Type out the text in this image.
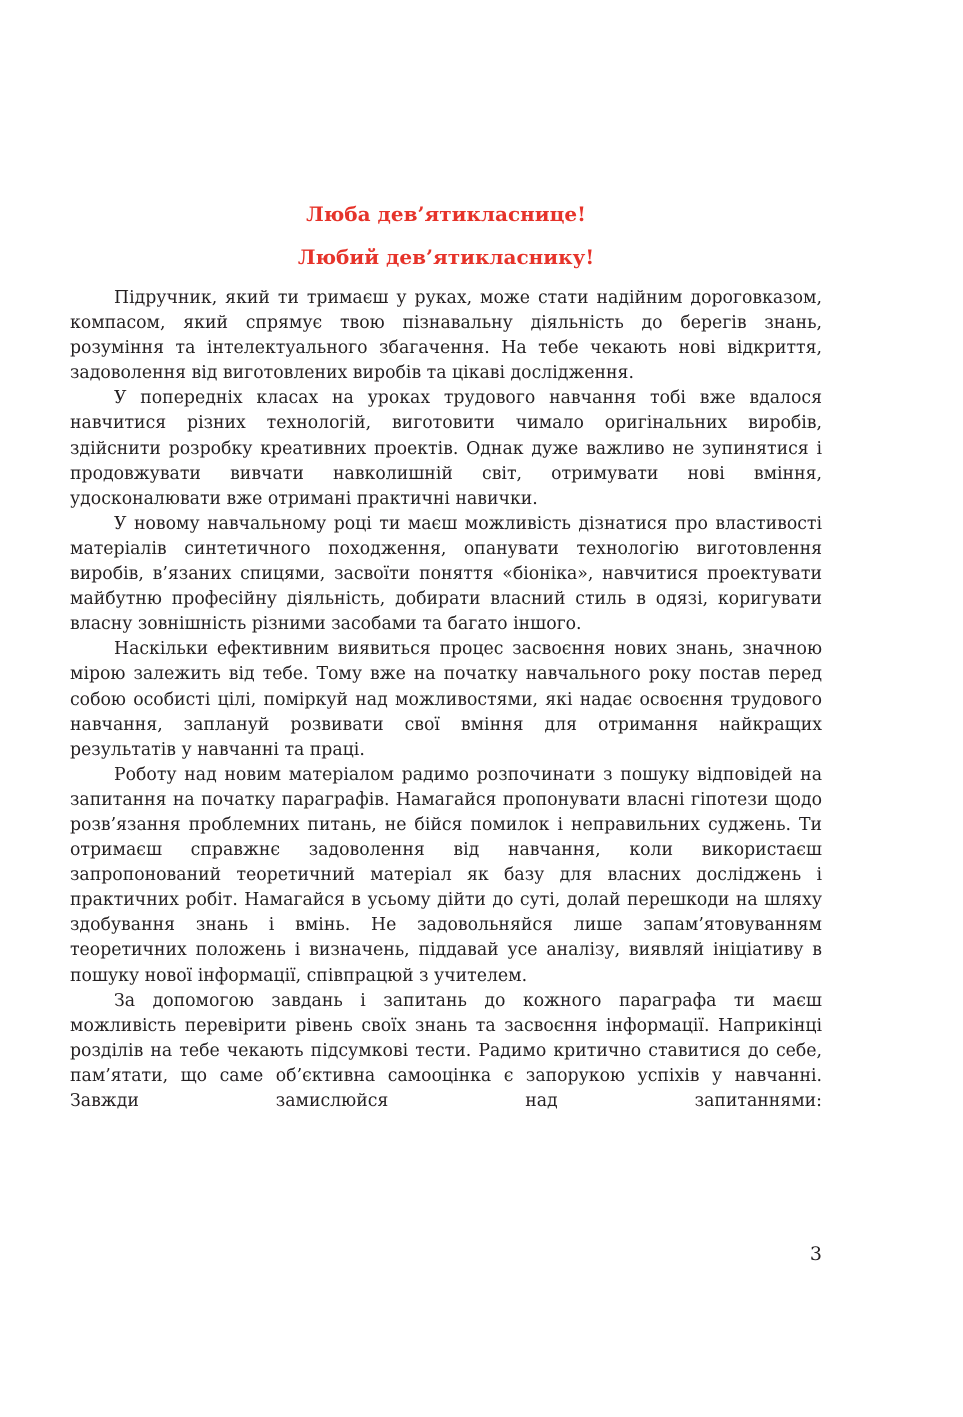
Люба дев’ятикласнице!
Любий дев’ятикласнику!

Підручник, який ти тримаєш у руках, може стати надійним дороговказом, компасом, який спрямує твою пізнавальну діяльність до берегів знань, розуміння та інтелектуального збагачення. На тебе чекають нові відкриття, задоволення від виготовлених виробів та цікаві дослідження.

У попередніх класах на уроках трудового навчання тобі вже вдалося навчитися різних технологій, виготовити чимало оригінальних виробів, здійснити розробку креативних проектів. Однак дуже важливо не зупинятися і продовжувати вивчати навколишній світ, отримувати нові вміння, удосконалювати вже отримані практичні навички.

У новому навчальному році ти маєш можливість дізнатися про властивості матеріалів синтетичного походження, опанувати технологію виготовлення виробів, в’язаних спицями, засвоїти поняття «біоніка», навчитися проектувати майбутню професійну діяльність, добирати власний стиль в одязі, коригувати власну зовнішність різними засобами та багато іншого.

Наскільки ефективним виявиться процес засвоєння нових знань, значною мірою залежить від тебе. Тому вже на початку навчального року постав перед собою особисті цілі, поміркуй над можливостями, які надає освоєння трудового навчання, заплануй розвивати свої вміння для отримання найкращих результатів у навчанні та праці.

Роботу над новим матеріалом радимо розпочинати з пошуку відповідей на запитання на початку параграфів. Намагайся пропонувати власні гіпотези щодо розв’язання проблемних питань, не бійся помилок і неправильних суджень. Ти отримаєш справжнє задоволення від навчання, коли використаєш запропонований теоретичний матеріал як базу для власних досліджень і практичних робіт. Намагайся в усьому дійти до суті, долай перешкоди на шляху здобування знань і вмінь. Не задовольняйся лише запам’ятовуванням теоретичних положень і визначень, піддавай усе аналізу, виявляй ініціативу в пошуку нової інформації, співпрацюй з учителем.

За допомогою завдань і запитань до кожного параграфа ти маєш можливість перевірити рівень своїх знань та засвоєння інформації. Наприкінці розділів на тебе чекають підсумкові тести. Радимо критично ставитися до себе, пам’ятати, що саме об’єктивна самооцінка є запорукою успіхів у навчанні. Завжди замислюйся над запитаннями:

3
